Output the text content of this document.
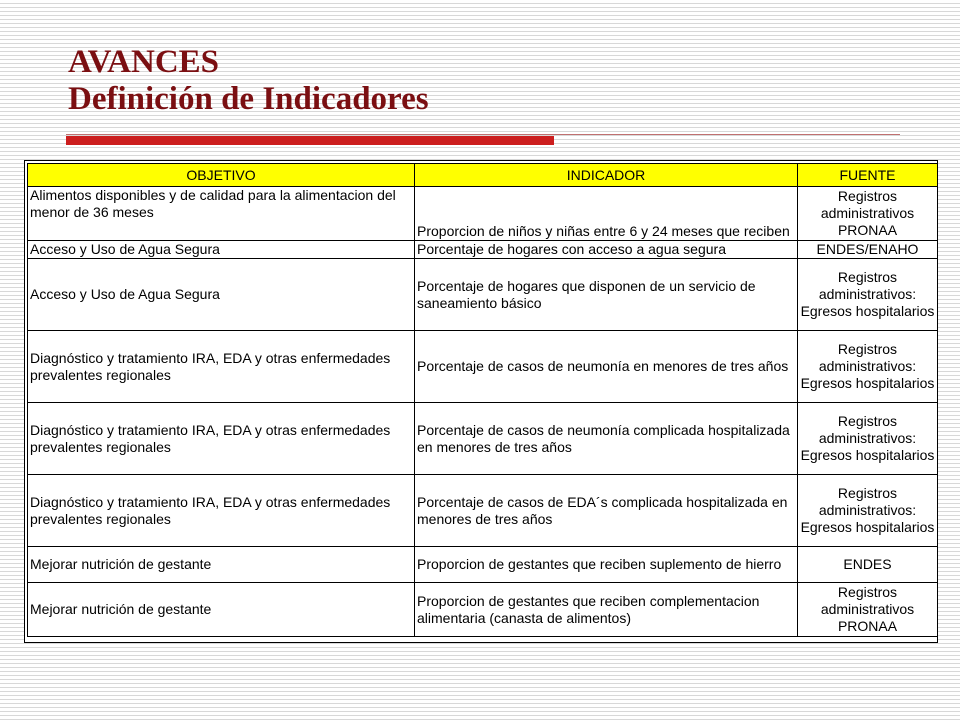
AVANCES
Definición de Indicadores
OBJETIVO	INDICADOR	FUENTE
Alimentos disponibles y de calidad para la alimentacion del menor de 36 meses	Proporcion de niños y niñas entre 6 y 24 meses que reciben	Registros administrativos PRONAA
Acceso y Uso de Agua Segura	Porcentaje de hogares con acceso a agua segura	ENDES/ENAHO
Acceso y Uso de Agua Segura	Porcentaje de hogares que disponen de un servicio de saneamiento básico	Registros administrativos: Egresos hospitalarios
Diagnóstico y tratamiento IRA, EDA y otras enfermedades prevalentes regionales	Porcentaje de casos de neumonía en menores de tres años	Registros administrativos: Egresos hospitalarios
Diagnóstico y tratamiento IRA, EDA y otras enfermedades prevalentes regionales	Porcentaje de casos de neumonía complicada hospitalizada en menores de tres años	Registros administrativos: Egresos hospitalarios
Diagnóstico y tratamiento IRA, EDA y otras enfermedades prevalentes regionales	Porcentaje de casos de EDA´s complicada hospitalizada en menores de tres años	Registros administrativos: Egresos hospitalarios
Mejorar nutrición de gestante	Proporcion de gestantes que reciben suplemento de hierro	ENDES
Mejorar nutrición de gestante	Proporcion de gestantes que reciben complementacion alimentaria (canasta de alimentos)	Registros administrativos PRONAA
